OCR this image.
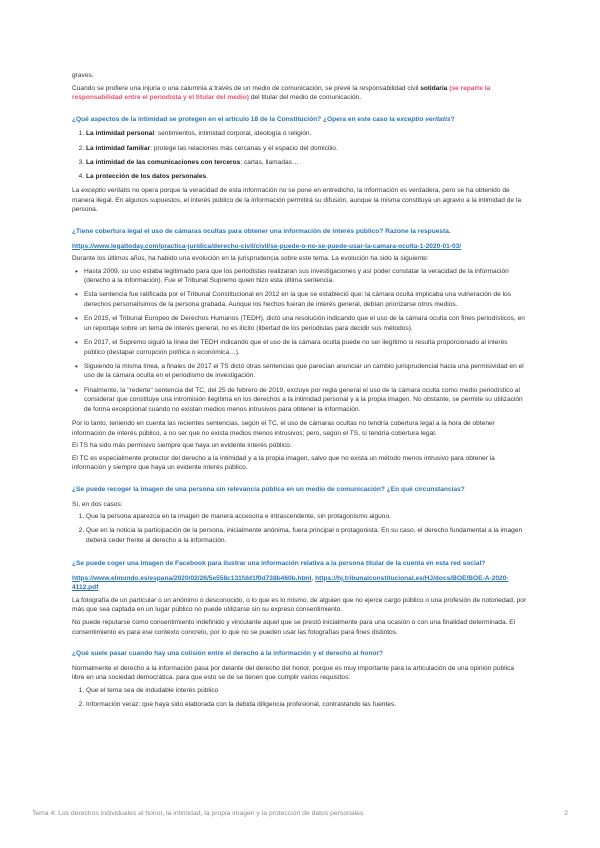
graves.

Cuando se profiere una injuria o una calumnia a través de un medio de comunicación, se prevé la responsabilidad civil solidaria (se reparte la responsabilidad entre el periodista y el titular del medio) del titular del medio de comunicación.

¿Qué aspectos de la intimidad se protegen en el artículo 18 de la Constitución? ¿Opera en este caso la exceptio veritatis?

1. La intimidad personal: sentimientos, intimidad corporal, ideología o religión.
2. La intimidad familiar: protege las relaciones más cercanas y el espacio del domicilio.
3. La intimidad de las comunicaciones con terceros: cartas, llamadas…
4. La protección de los datos personales.

La exceptio veritatis no opera porque la veracidad de esta información no se pone en entredicho, la información es verdadera, pero se ha obtenido de manera ilegal. En algunos supuestos, el interés público de la información permitirá su difusión, aunque la misma constituya un agravio a la intimidad de la persona.

¿Tiene cobertura legal el uso de cámaras ocultas para obtener una información de interés público? Razone la respuesta.

https://www.legaltoday.com/practica-juridica/derecho-civil/civil/se-puede-o-no-se-puede-usar-la-camara-oculta-1-2020-01-03/

Durante los últimos años, ha habido una evolución en la jurisprudencia sobre este tema. La evolución ha sido la siguiente:

• Hasta 2009, su uso estaba legitimado para que los periodistas realizaran sus investigaciones y así poder constatar la veracidad de la información (derecho a la información). Fue el Tribunal Supremo quien hizo esta última sentencia.
• Esta sentencia fue ratificada por el Tribunal Constitucional en 2012 en la que se estableció que: la cámara oculta implicaba una vulneración de los derechos personalísimos de la persona grabada. Aunque los hechos fueran de interés general, debían priorizarse otros medios.
• En 2015, el Tribunal Europeo de Derechos Humanos (TEDH), dictó una resolución indicando que el uso de la cámara oculta con fines periodísticos, en un reportaje sobre un tema de interés general, no es ilícito (libertad de los periodistas para decidir sus métodos).
• En 2017, el Supremo siguió la línea del TEDH indicando que el uso de la cámara oculta puede no ser ilegítimo si resulta proporcionado al interés público (destapar corrupción política o económica…).
• Siguiendo la misma línea, a finales de 2017 el TS dictó otras sentencias que parecían anunciar un cambio jurisprudencial hacia una permisividad en el uso de la cámara oculta en el periodismo de investigación.
• Finalmente, la "rederte" sentencia del TC, del 25 de febrero de 2019, excluye por regla general el uso de la cámara oculta como medio periodístico al considerar que constituye una intromisión ilegítima en los derechos a la intimidad personal y a la propia imagen. No obstante, se permite su utilización de forma excepcional cuando no existan medios menos intrusivos para obtener la información.

Por lo tanto, teniendo en cuenta las recientes sentencias, según el TC, el uso de cámaras ocultas no tendría cobertura legal a la hora de obtener información de interés público, a no ser que no exista medios menos intrusivos; pero, según el TS, sí tendría cobertura legal.

El TS ha sido más permisivo siempre que haya un evidente interés público.

El TC es especialmente protector del derecho a la intimidad y a la propia imagen, salvo que no exista un método menos intrusivo para obtener la información y siempre que haya un evidente interés público.

¿Se puede recoger la imagen de una persona sin relevancia pública en un medio de comunicación? ¿En qué circunstancias?

Sí, en dos casos:

1. Que la persona aparezca en la imagen de manera accesoria e intrascendente, sin protagonismo alguno.
2. Que en la noticia la participación de la persona, inicialmente anónima, fuera principal o protagonista. En su caso, el derecho fundamental a la imagen deberá ceder frente al derecho a la información.

¿Se puede coger una imagen de Facebook para ilustrar una información relativa a la persona titular de la cuenta en esta red social?

https://www.elmundo.es/espana/2020/02/26/5e558c131fdd1f0d738b460b.html, https://hj.tribunalconstitucional.es/HJ/docs/BOE/BOE-A-2020-4112.pdf

La fotografía de un particular o un anónimo o desconocido, o lo que es lo mismo, de alguien que no ejerce cargo público o una profesión de notoriedad, por más que sea captada en un lugar público no puede utilizarse sin su expreso consentimiento.

No puede reputarse como consentimiento indefinido y vinculante aquel que se prestó inicialmente para una ocasión o con una finalidad determinada. El consentimiento es para ese contexto concreto, por lo que no se pueden usar las fotografías para fines distintos.

¿Qué suele pasar cuando hay una colisión entre el derecho a la información y el derecho al honor?

Normalmente el derecho a la información pasa por delante del derecho del honor, porque es muy importante para la articulación de una opinión pública libre en una sociedad democrática. para que esto se de se tienen que cumplir varios requisitos:

1. Que el tema sea de indudable interés público
2. Información veraz: que haya sido elaborada con la debida diligencia profesional, contrastando las fuentes.
Tema 4: Los derechos individuales al honor, la intimidad, la propia imagen y la protección de datos personales	2
